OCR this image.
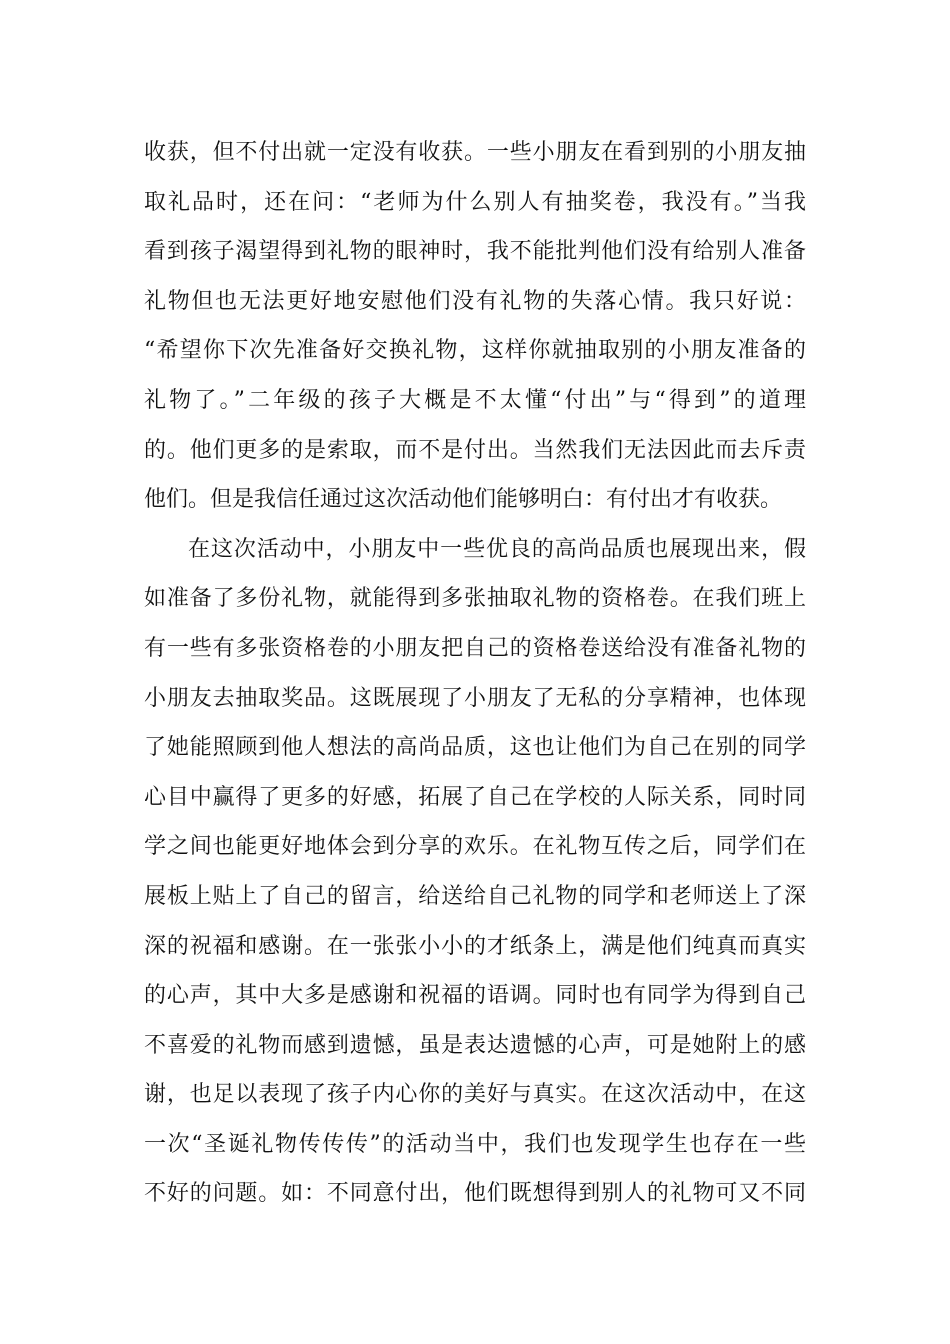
收获，但不付出就一定没有收获。一些小朋友在看到别的小朋友抽
取礼品时，还在问：“老师为什么别人有抽奖卷，我没有。”当我
看到孩子渴望得到礼物的眼神时，我不能批判他们没有给别人准备
礼物但也无法更好地安慰他们没有礼物的失落心情。我只好说：
“希望你下次先准备好交换礼物，这样你就抽取别的小朋友准备的
礼物了。”二年级的孩子大概是不太懂“付出”与“得到”的道理
的。他们更多的是索取，而不是付出。当然我们无法因此而去斥责
他们。但是我信任通过这次活动他们能够明白：有付出才有收获。
在这次活动中，小朋友中一些优良的高尚品质也展现出来，假
如准备了多份礼物，就能得到多张抽取礼物的资格卷。在我们班上
有一些有多张资格卷的小朋友把自己的资格卷送给没有准备礼物的
小朋友去抽取奖品。这既展现了小朋友了无私的分享精神，也体现
了她能照顾到他人想法的高尚品质，这也让他们为自己在别的同学
心目中赢得了更多的好感，拓展了自己在学校的人际关系，同时同
学之间也能更好地体会到分享的欢乐。在礼物互传之后，同学们在
展板上贴上了自己的留言，给送给自己礼物的同学和老师送上了深
深的祝福和感谢。在一张张小小的才纸条上，满是他们纯真而真实
的心声，其中大多是感谢和祝福的语调。同时也有同学为得到自己
不喜爱的礼物而感到遗憾，虽是表达遗憾的心声，可是她附上的感
谢，也足以表现了孩子内心你的美好与真实。在这次活动中，在这
一次“圣诞礼物传传传”的活动当中，我们也发现学生也存在一些
不好的问题。如：不同意付出，他们既想得到别人的礼物可又不同
